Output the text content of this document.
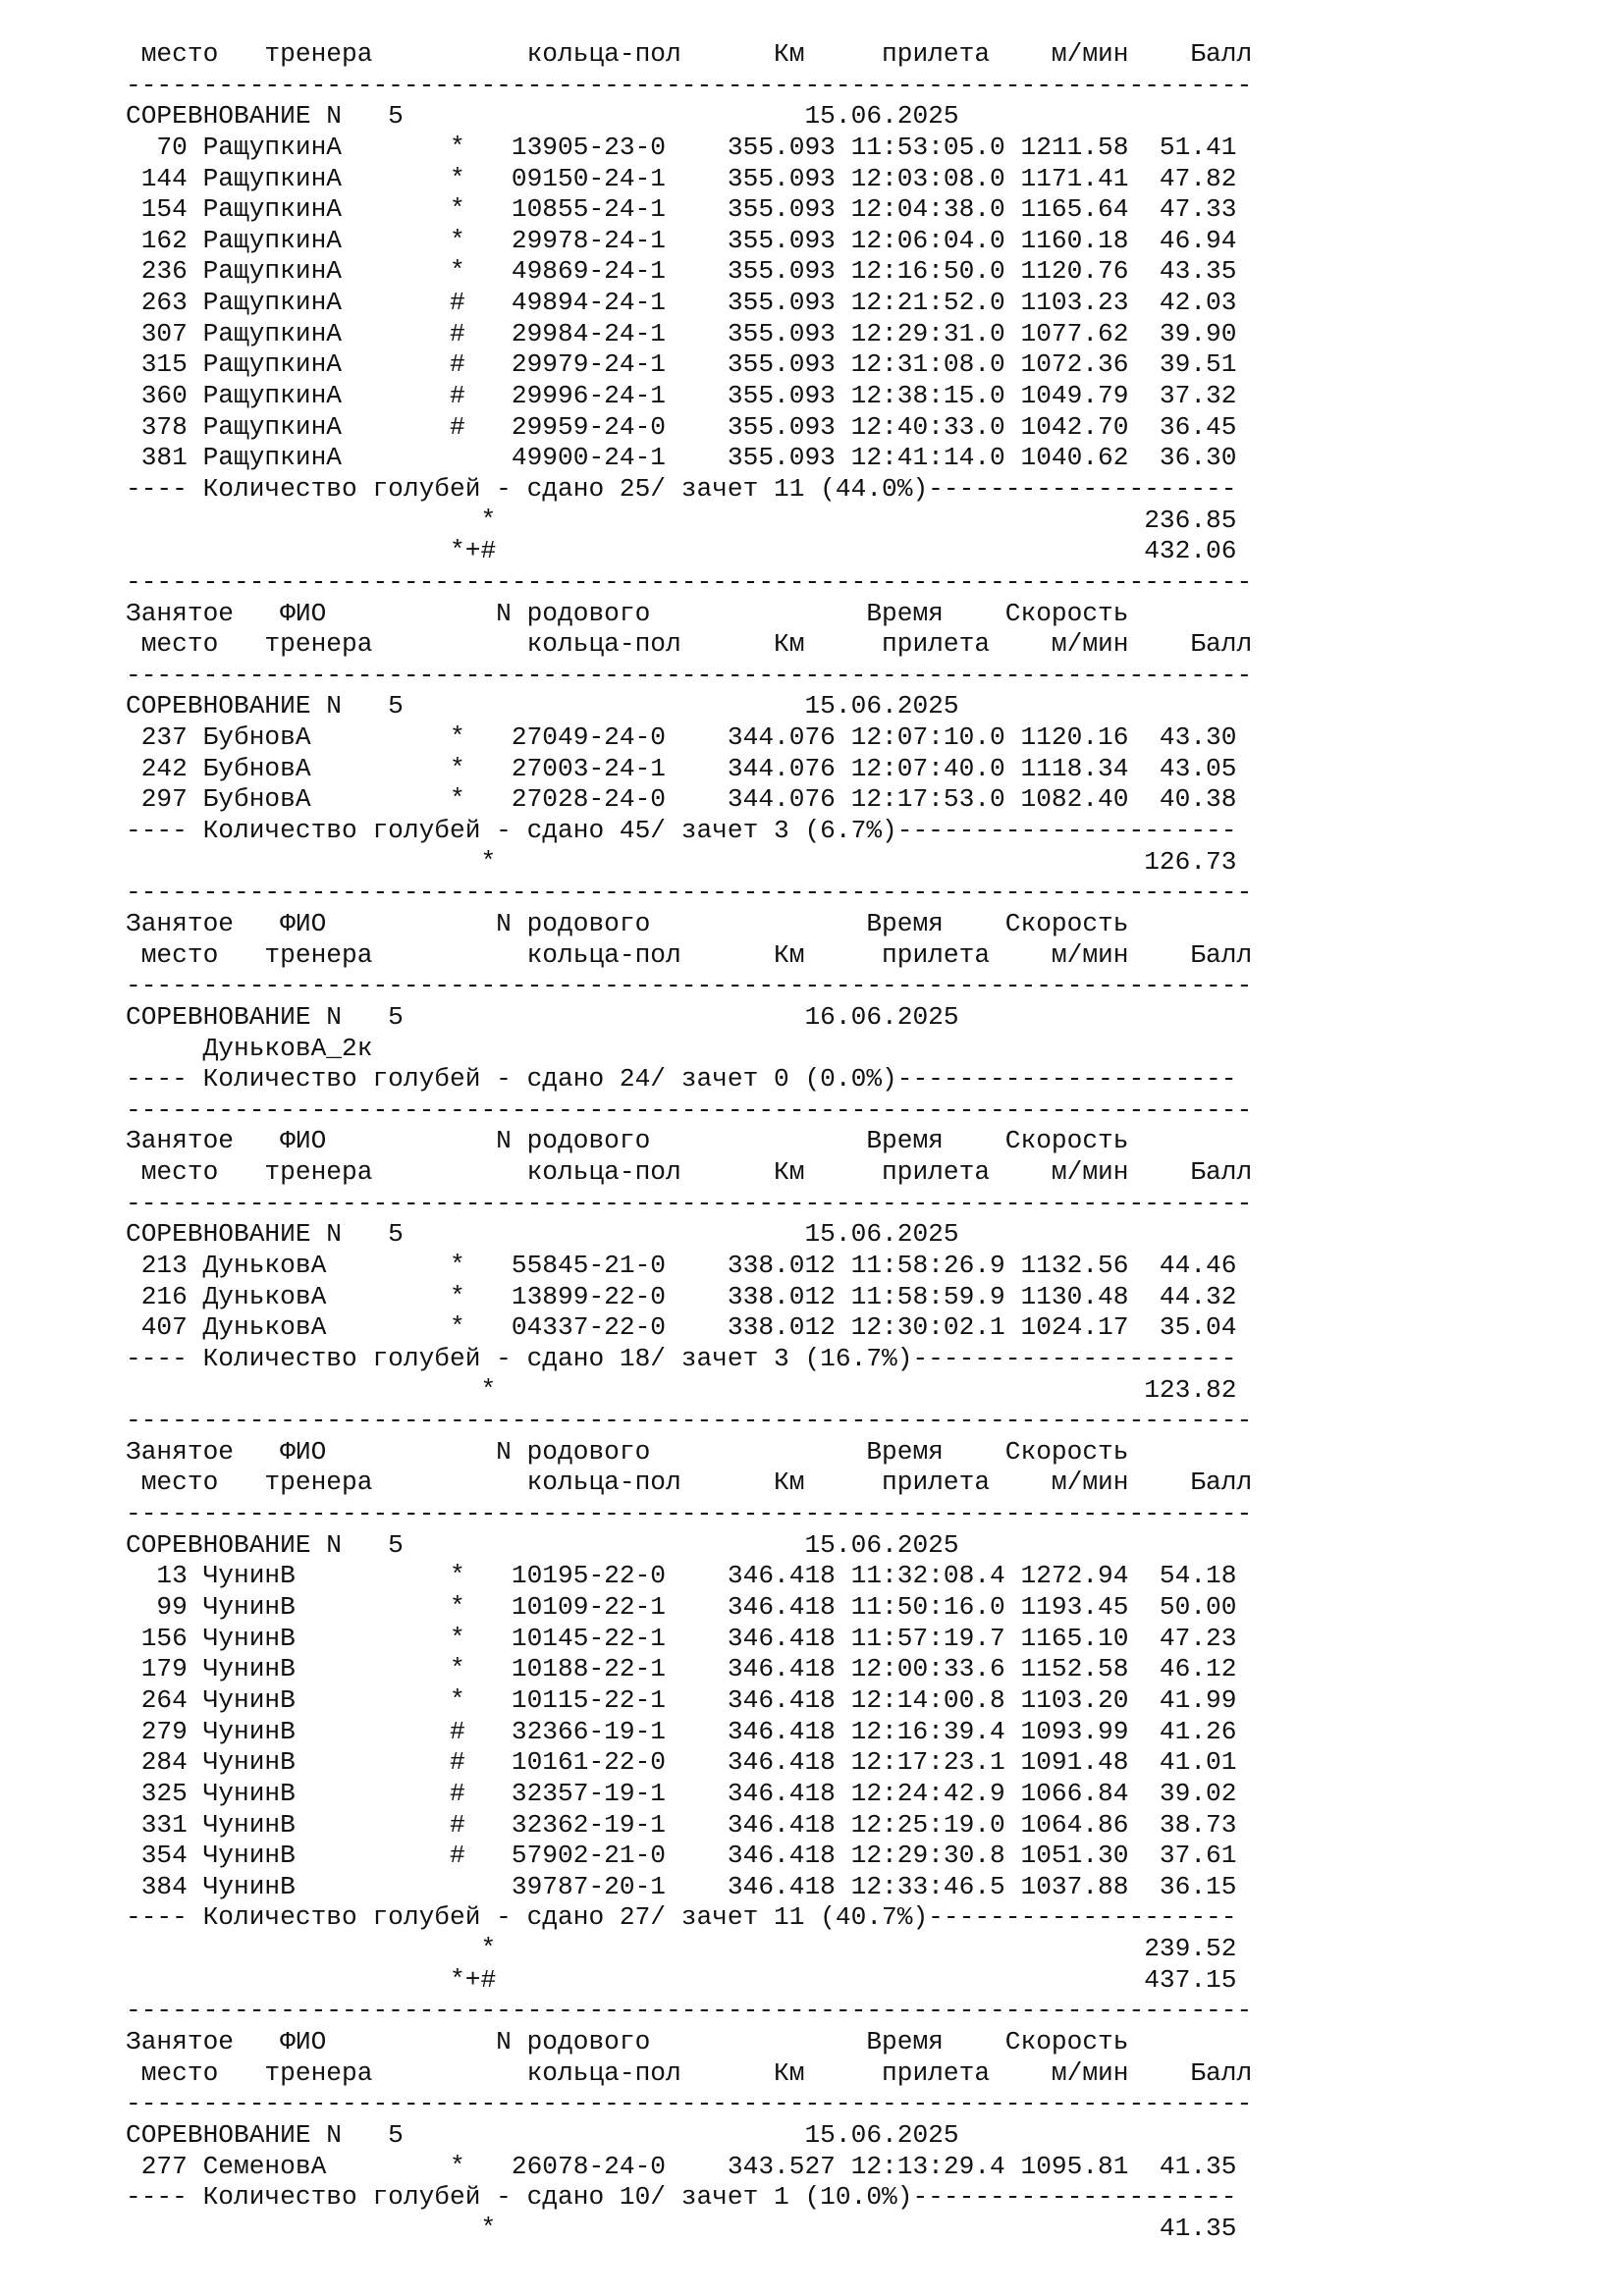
место   тренера          кольца-пол      Км     прилета    м/мин    Балл
-------------------------------------------------------------------------
СОРЕВНОВАНИЕ N   5                          15.06.2025
70 РащупкинА       *   13905-23-0    355.093 11:53:05.0 1211.58  51.41
144 РащупкинА       *   09150-24-1    355.093 12:03:08.0 1171.41  47.82
154 РащупкинА       *   10855-24-1    355.093 12:04:38.0 1165.64  47.33
162 РащупкинА       *   29978-24-1    355.093 12:06:04.0 1160.18  46.94
236 РащупкинА       *   49869-24-1    355.093 12:16:50.0 1120.76  43.35
263 РащупкинА       #   49894-24-1    355.093 12:21:52.0 1103.23  42.03
307 РащупкинА       #   29984-24-1    355.093 12:29:31.0 1077.62  39.90
315 РащупкинА       #   29979-24-1    355.093 12:31:08.0 1072.36  39.51
360 РащупкинА       #   29996-24-1    355.093 12:38:15.0 1049.79  37.32
378 РащупкинА       #   29959-24-0    355.093 12:40:33.0 1042.70  36.45
381 РащупкинА           49900-24-1    355.093 12:41:14.0 1040.62  36.30
---- Количество голубей - сдано 25/ зачет 11 (44.0%)--------------------
*                                          236.85
*+#                                          432.06
-------------------------------------------------------------------------
Занятое   ФИО           N родового              Время    Скорость
место   тренера          кольца-пол      Км     прилета    м/мин    Балл
-------------------------------------------------------------------------
СОРЕВНОВАНИЕ N   5                          15.06.2025
237 БубновА         *   27049-24-0    344.076 12:07:10.0 1120.16  43.30
242 БубновА         *   27003-24-1    344.076 12:07:40.0 1118.34  43.05
297 БубновА         *   27028-24-0    344.076 12:17:53.0 1082.40  40.38
---- Количество голубей - сдано 45/ зачет 3 (6.7%)----------------------
*                                          126.73
-------------------------------------------------------------------------
Занятое   ФИО           N родового              Время    Скорость
место   тренера          кольца-пол      Км     прилета    м/мин    Балл
-------------------------------------------------------------------------
СОРЕВНОВАНИЕ N   5                          16.06.2025
ДуньковА_2к
---- Количество голубей - сдано 24/ зачет 0 (0.0%)----------------------
-------------------------------------------------------------------------
Занятое   ФИО           N родового              Время    Скорость
место   тренера          кольца-пол      Км     прилета    м/мин    Балл
-------------------------------------------------------------------------
СОРЕВНОВАНИЕ N   5                          15.06.2025
213 ДуньковА        *   55845-21-0    338.012 11:58:26.9 1132.56  44.46
216 ДуньковА        *   13899-22-0    338.012 11:58:59.9 1130.48  44.32
407 ДуньковА        *   04337-22-0    338.012 12:30:02.1 1024.17  35.04
---- Количество голубей - сдано 18/ зачет 3 (16.7%)---------------------
*                                          123.82
-------------------------------------------------------------------------
Занятое   ФИО           N родового              Время    Скорость
место   тренера          кольца-пол      Км     прилета    м/мин    Балл
-------------------------------------------------------------------------
СОРЕВНОВАНИЕ N   5                          15.06.2025
13 ЧунинВ          *   10195-22-0    346.418 11:32:08.4 1272.94  54.18
99 ЧунинВ          *   10109-22-1    346.418 11:50:16.0 1193.45  50.00
156 ЧунинВ          *   10145-22-1    346.418 11:57:19.7 1165.10  47.23
179 ЧунинВ          *   10188-22-1    346.418 12:00:33.6 1152.58  46.12
264 ЧунинВ          *   10115-22-1    346.418 12:14:00.8 1103.20  41.99
279 ЧунинВ          #   32366-19-1    346.418 12:16:39.4 1093.99  41.26
284 ЧунинВ          #   10161-22-0    346.418 12:17:23.1 1091.48  41.01
325 ЧунинВ          #   32357-19-1    346.418 12:24:42.9 1066.84  39.02
331 ЧунинВ          #   32362-19-1    346.418 12:25:19.0 1064.86  38.73
354 ЧунинВ          #   57902-21-0    346.418 12:29:30.8 1051.30  37.61
384 ЧунинВ              39787-20-1    346.418 12:33:46.5 1037.88  36.15
---- Количество голубей - сдано 27/ зачет 11 (40.7%)--------------------
*                                          239.52
*+#                                          437.15
-------------------------------------------------------------------------
Занятое   ФИО           N родового              Время    Скорость
место   тренера          кольца-пол      Км     прилета    м/мин    Балл
-------------------------------------------------------------------------
СОРЕВНОВАНИЕ N   5                          15.06.2025
277 СеменовА        *   26078-24-0    343.527 12:13:29.4 1095.81  41.35
---- Количество голубей - сдано 10/ зачет 1 (10.0%)---------------------
*                                           41.35
